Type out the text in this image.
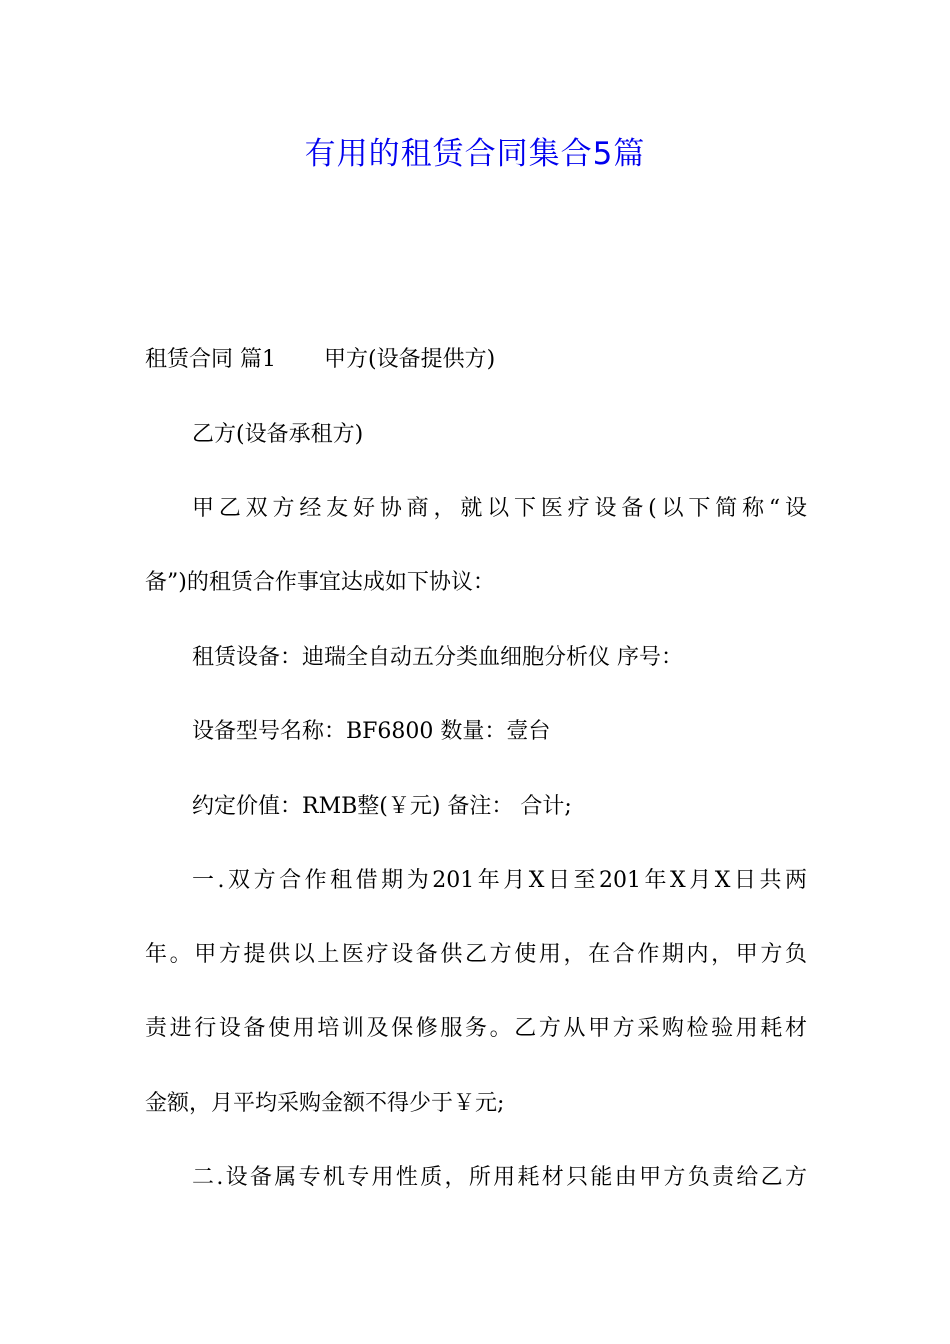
有用的租赁合同集合5篇
租赁合同 篇1 甲方(设备提供方)
乙方(设备承租方)
甲乙双方经友好协商，就以下医疗设备(以下简称“设
备”)的租赁合作事宜达成如下协议：
租赁设备：迪瑞全自动五分类血细胞分析仪 序号：
设备型号名称：BF6800 数量：壹台
约定价值：RMB整(￥元) 备注： 合计;
一.双方合作租借期为201年月X日至201年X月X日共两
年。甲方提供以上医疗设备供乙方使用，在合作期内，甲方负
责进行设备使用培训及保修服务。乙方从甲方采购检验用耗材
金额，月平均采购金额不得少于￥元;
二.设备属专机专用性质，所用耗材只能由甲方负责给乙方
